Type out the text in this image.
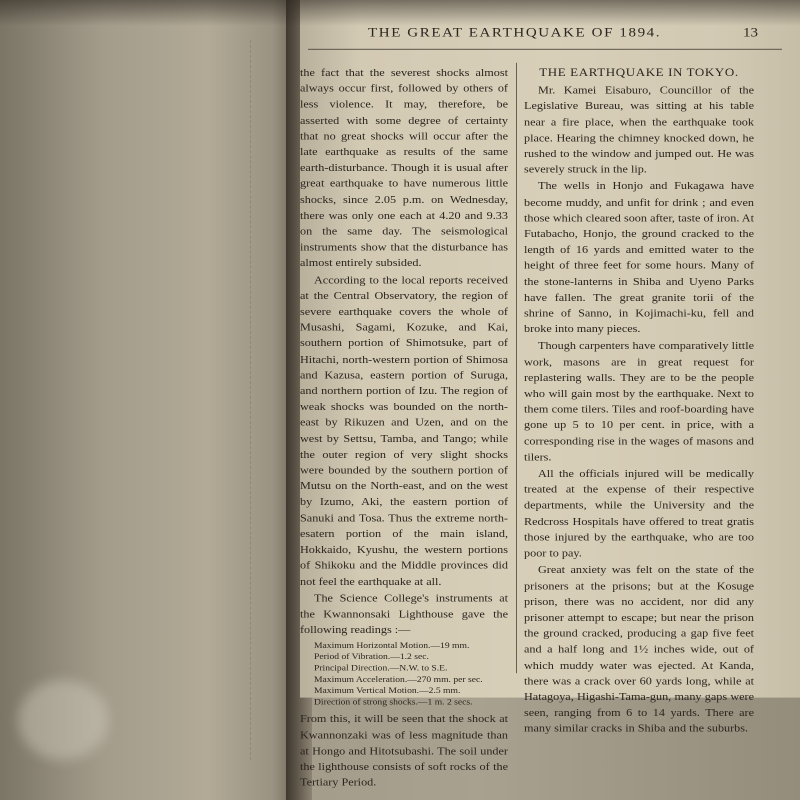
THE GREAT EARTHQUAKE OF 1894.	13

the fact that the severest shocks almost always occur first, followed by others of less violence. It may, therefore, be asserted with some degree of certainty that no great shocks will occur after the late earthquake as results of the same earth-disturbance. Though it is usual after great earthquake to have numerous little shocks, since 2.05 p.m. on Wednesday, there was only one each at 4.20 and 9.33 on the same day. The seismological instruments show that the disturbance has almost entirely subsided.

According to the local reports received at the Central Observatory, the region of severe earthquake covers the whole of Musashi, Sagami, Kozuke, and Kai, southern portion of Shimotsuke, part of Hitachi, north-western portion of Shimosa and Kazusa, eastern portion of Suruga, and northern portion of Izu. The region of weak shocks was bounded on the north-east by Rikuzen and Uzen, and on the west by Settsu, Tamba, and Tango; while the outer region of very slight shocks were bounded by the southern portion of Mutsu on the North-east, and on the west by Izumo, Aki, the eastern portion of Sanuki and Tosa. Thus the extreme north-esatern portion of the main island, Hokkaido, Kyushu, the western portions of Shikoku and the Middle provinces did not feel the earthquake at all.

The Science College's instruments at the Kwannonsaki Lighthouse gave the following readings :—

Maximum Horizontal Motion.—19 mm.
Period of Vibration.—1.2 sec.
Principal Direction.—N.W. to S.E.
Maximum Acceleration.—270 mm. per sec.
Maximum Vertical Motion.—2.5 mm.
Direction of strong shocks.—1 m. 2 secs.

From this, it will be seen that the shock at Kwannonzaki was of less magnitude than at Hongo and Hitotsubashi. The soil under the lighthouse consists of soft rocks of the Tertiary Period.

THE EARTHQUAKE IN TOKYO.

Mr. Kamei Eisaburo, Councillor of the Legislative Bureau, was sitting at his table near a fire place, when the earthquake took place. Hearing the chimney knocked down, he rushed to the window and jumped out. He was severely struck in the lip.

The wells in Honjo and Fukagawa have become muddy, and unfit for drink ; and even those which cleared soon after, taste of iron. At Futabacho, Honjo, the ground cracked to the length of 16 yards and emitted water to the height of three feet for some hours. Many of the stone-lanterns in Shiba and Uyeno Parks have fallen. The great granite torii of the shrine of Sanno, in Kojimachi-ku, fell and broke into many pieces.

Though carpenters have comparatively little work, masons are in great request for replastering walls. They are to be the people who will gain most by the earthquake. Next to them come tilers. Tiles and roof-boarding have gone up 5 to 10 per cent. in price, with a corresponding rise in the wages of masons and tilers.

All the officials injured will be medically treated at the expense of their respective departments, while the University and the Redcross Hospitals have offered to treat gratis those injured by the earthquake, who are too poor to pay.

Great anxiety was felt on the state of the prisoners at the prisons; but at the Kosuge prison, there was no accident, nor did any prisoner attempt to escape; but near the prison the ground cracked, producing a gap five feet and a half long and 1½ inches wide, out of which muddy water was ejected. At Kanda, there was a crack over 60 yards long, while at Hatagoya, Higashi-Tama-gun, many gaps were seen, ranging from 6 to 14 yards. There are many similar cracks in Shiba and the suburbs.
